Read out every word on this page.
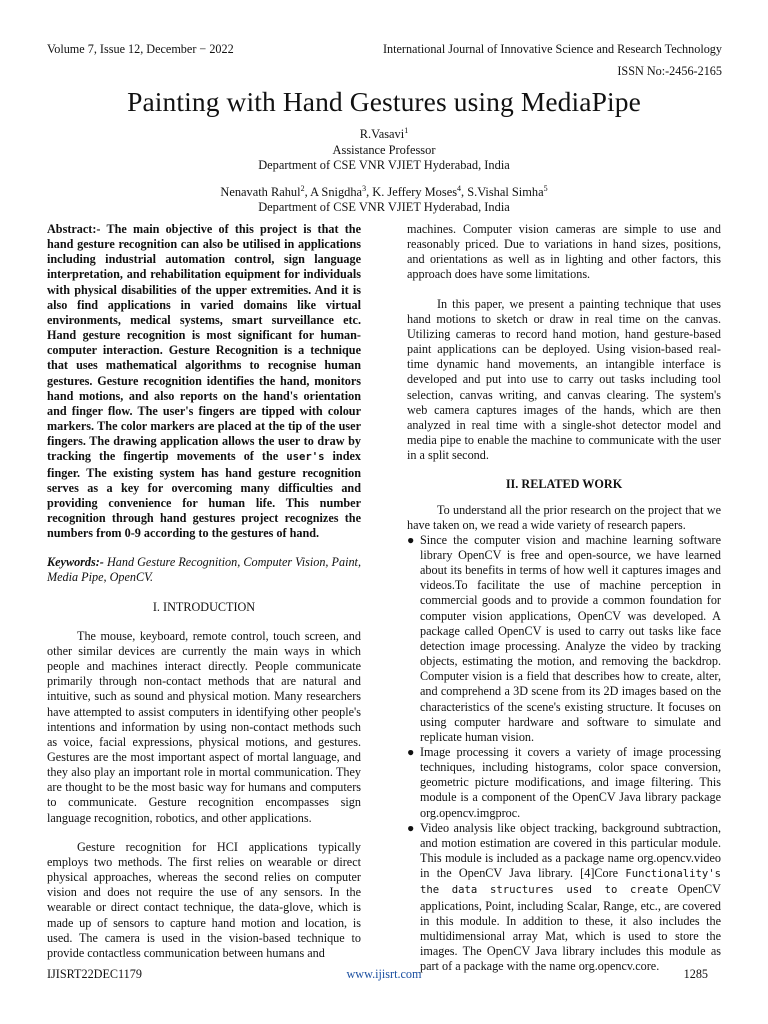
Volume 7, Issue 12, December − 2022	International Journal of Innovative Science and Research Technology
ISSN No:-2456-2165
Painting with Hand Gestures using MediaPipe
R.Vasavi$^1$
Assistance Professor
Department of CSE VNR VJIET Hyderabad, India
Nenavath Rahul$^2$, A Snigdha$^3$, K. Jeffery Moses$^4$, S.Vishal Simha$^5$
Department of CSE VNR VJIET Hyderabad, India

Abstract:- The main objective of this project is that the hand gesture recognition can also be utilised in applications including industrial automation control, sign language interpretation, and rehabilitation equipment for individuals with physical disabilities of the upper extremities. And it is also find applications in varied domains like virtual environments, medical systems, smart surveillance etc. Hand gesture recognition is most significant for human-computer interaction. Gesture Recognition is a technique that uses mathematical algorithms to recognise human gestures. Gesture recognition identifies the hand, monitors hand motions, and also reports on the hand's orientation and finger flow. The user's fingers are tipped with colour markers. The color markers are placed at the tip of the user fingers. The drawing application allows the user to draw by tracking the fingertip movements of the user's index finger. The existing system has hand gesture recognition serves as a key for overcoming many difficulties and providing convenience for human life. This number recognition through hand gestures project recognizes the numbers from 0-9 according to the gestures of hand.

Keywords:- Hand Gesture Recognition, Computer Vision, Paint, Media Pipe, OpenCV.

I. INTRODUCTION

The mouse, keyboard, remote control, touch screen, and other similar devices are currently the main ways in which people and machines interact directly. People communicate primarily through non-contact methods that are natural and intuitive, such as sound and physical motion. Many researchers have attempted to assist computers in identifying other people's intentions and information by using non-contact methods such as voice, facial expressions, physical motions, and gestures. Gestures are the most important aspect of mortal language, and they also play an important role in mortal communication. They are thought to be the most basic way for humans and computers to communicate. Gesture recognition encompasses sign language recognition, robotics, and other applications.

Gesture recognition for HCI applications typically employs two methods. The first relies on wearable or direct physical approaches, whereas the second relies on computer vision and does not require the use of any sensors. In the wearable or direct contact technique, the data-glove, which is made up of sensors to capture hand motion and location, is used. The camera is used in the vision-based technique to provide contactless communication between humans and

machines. Computer vision cameras are simple to use and reasonably priced. Due to variations in hand sizes, positions, and orientations as well as in lighting and other factors, this approach does have some limitations.

In this paper, we present a painting technique that uses hand motions to sketch or draw in real time on the canvas. Utilizing cameras to record hand motion, hand gesture-based paint applications can be deployed. Using vision-based real-time dynamic hand movements, an intangible interface is developed and put into use to carry out tasks including tool selection, canvas writing, and canvas clearing. The system's web camera captures images of the hands, which are then analyzed in real time with a single-shot detector model and media pipe to enable the machine to communicate with the user in a split second.

II. RELATED WORK

To understand all the prior research on the project that we have taken on, we read a wide variety of research papers.

● Since the computer vision and machine learning software library OpenCV is free and open-source, we have learned about its benefits in terms of how well it captures images and videos.To facilitate the use of machine perception in commercial goods and to provide a common foundation for computer vision applications, OpenCV was developed. A package called OpenCV is used to carry out tasks like face detection image processing. Analyze the video by tracking objects, estimating the motion, and removing the backdrop. Computer vision is a field that describes how to create, alter, and comprehend a 3D scene from its 2D images based on the characteristics of the scene's existing structure. It focuses on using computer hardware and software to simulate and replicate human vision.

● Image processing it covers a variety of image processing techniques, including histograms, color space conversion, geometric picture modifications, and image filtering. This module is a component of the OpenCV Java library package org.opencv.imgproc.

● Video analysis like object tracking, background subtraction, and motion estimation are covered in this particular module. This module is included as a package name org.opencv.video in the OpenCV Java library. [4]Core Functionality's the data structures used to create OpenCV applications, Point, including Scalar, Range, etc., are covered in this module. In addition to these, it also includes the multidimensional array Mat, which is used to store the images. The OpenCV Java library includes this module as part of a package with the name org.opencv.core.

IJISRT22DEC1179	www.ijisrt.com	1285
